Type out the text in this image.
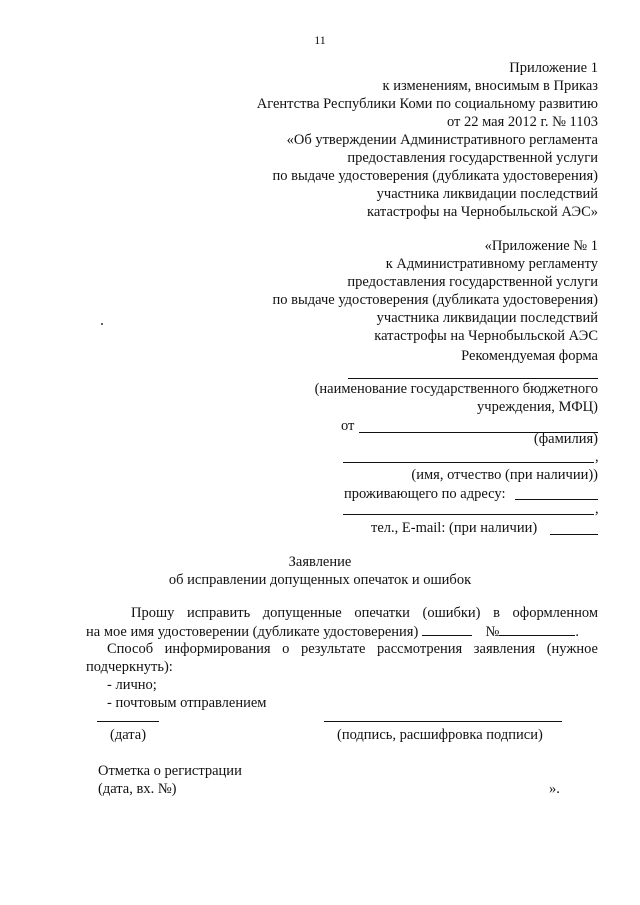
11
Приложение 1
к изменениям, вносимым в Приказ
Агентства Республики Коми по социальному развитию
от 22 мая 2012 г. № 1103
«Об утверждении Административного регламента
предоставления государственной услуги
по выдаче удостоверения (дубликата удостоверения)
участника ликвидации последствий
катастрофы на Чернобыльской АЭС»
«Приложение № 1
к Административному регламенту
предоставления государственной услуги
по выдаче удостоверения (дубликата удостоверения)
участника ликвидации последствий
катастрофы на Чернобыльской АЭС
Рекомендуемая форма
(наименование государственного бюджетного
учреждения, МФЦ)
от
(фамилия)
,
(имя, отчество (при наличии))
проживающего по адресу:
,
тел., E-mail: (при наличии)
Заявление
об исправлении допущенных опечаток и ошибок
Прошу исправить допущенные опечатки (ошибки) в оформленном
на мое имя удостоверении (дубликате удостоверения)	№	.
Способ информирования о результате рассмотрения заявления (нужное
подчеркнуть):
- лично;
- почтовым отправлением
(дата)	(подпись, расшифровка подписи)
Отметка о регистрации
(дата, вх. №)	».
